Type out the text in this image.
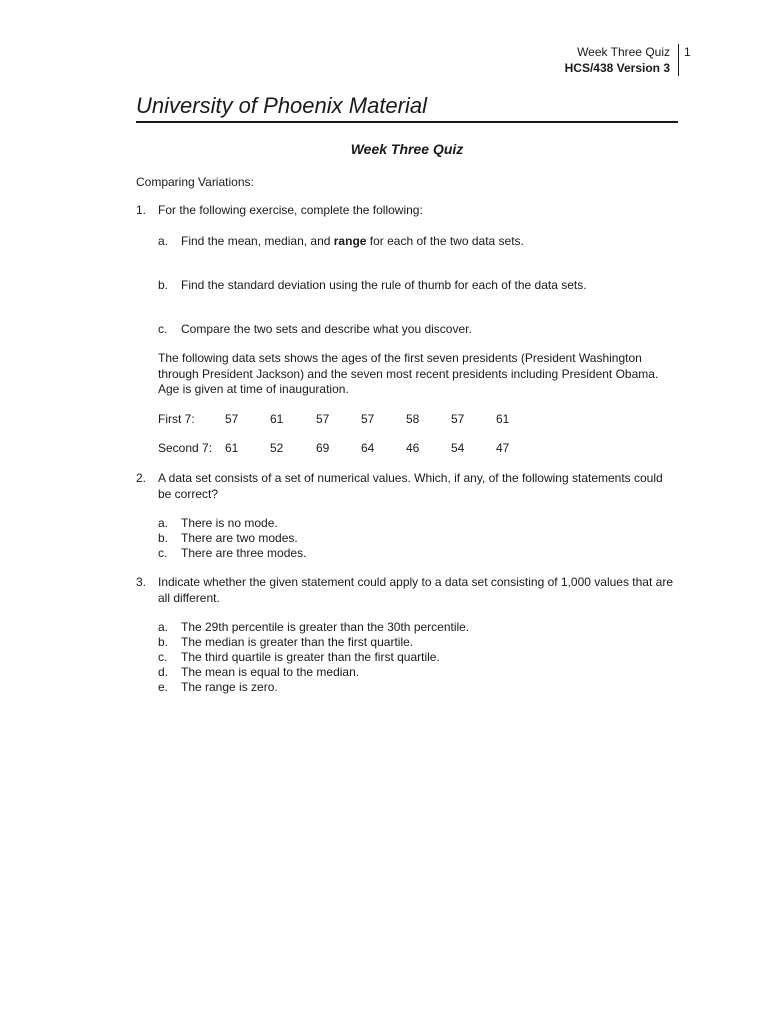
Week Three Quiz
HCS/438 Version 3
1
University of Phoenix Material
Week Three Quiz
Comparing Variations:
1. For the following exercise, complete the following:
a. Find the mean, median, and range for each of the two data sets.
b. Find the standard deviation using the rule of thumb for each of the data sets.
c. Compare the two sets and describe what you discover.
The following data sets shows the ages of the first seven presidents (President Washington through President Jackson) and the seven most recent presidents including President Obama. Age is given at time of inauguration.
First 7:	57	61	57	57	58	57	61
Second 7: 61	52	69	64	46	54	47
2. A data set consists of a set of numerical values. Which, if any, of the following statements could be correct?
a. There is no mode.
b. There are two modes.
c. There are three modes.
3. Indicate whether the given statement could apply to a data set consisting of 1,000 values that are all different.
a. The 29th percentile is greater than the 30th percentile.
b. The median is greater than the first quartile.
c. The third quartile is greater than the first quartile.
d. The mean is equal to the median.
e. The range is zero.
